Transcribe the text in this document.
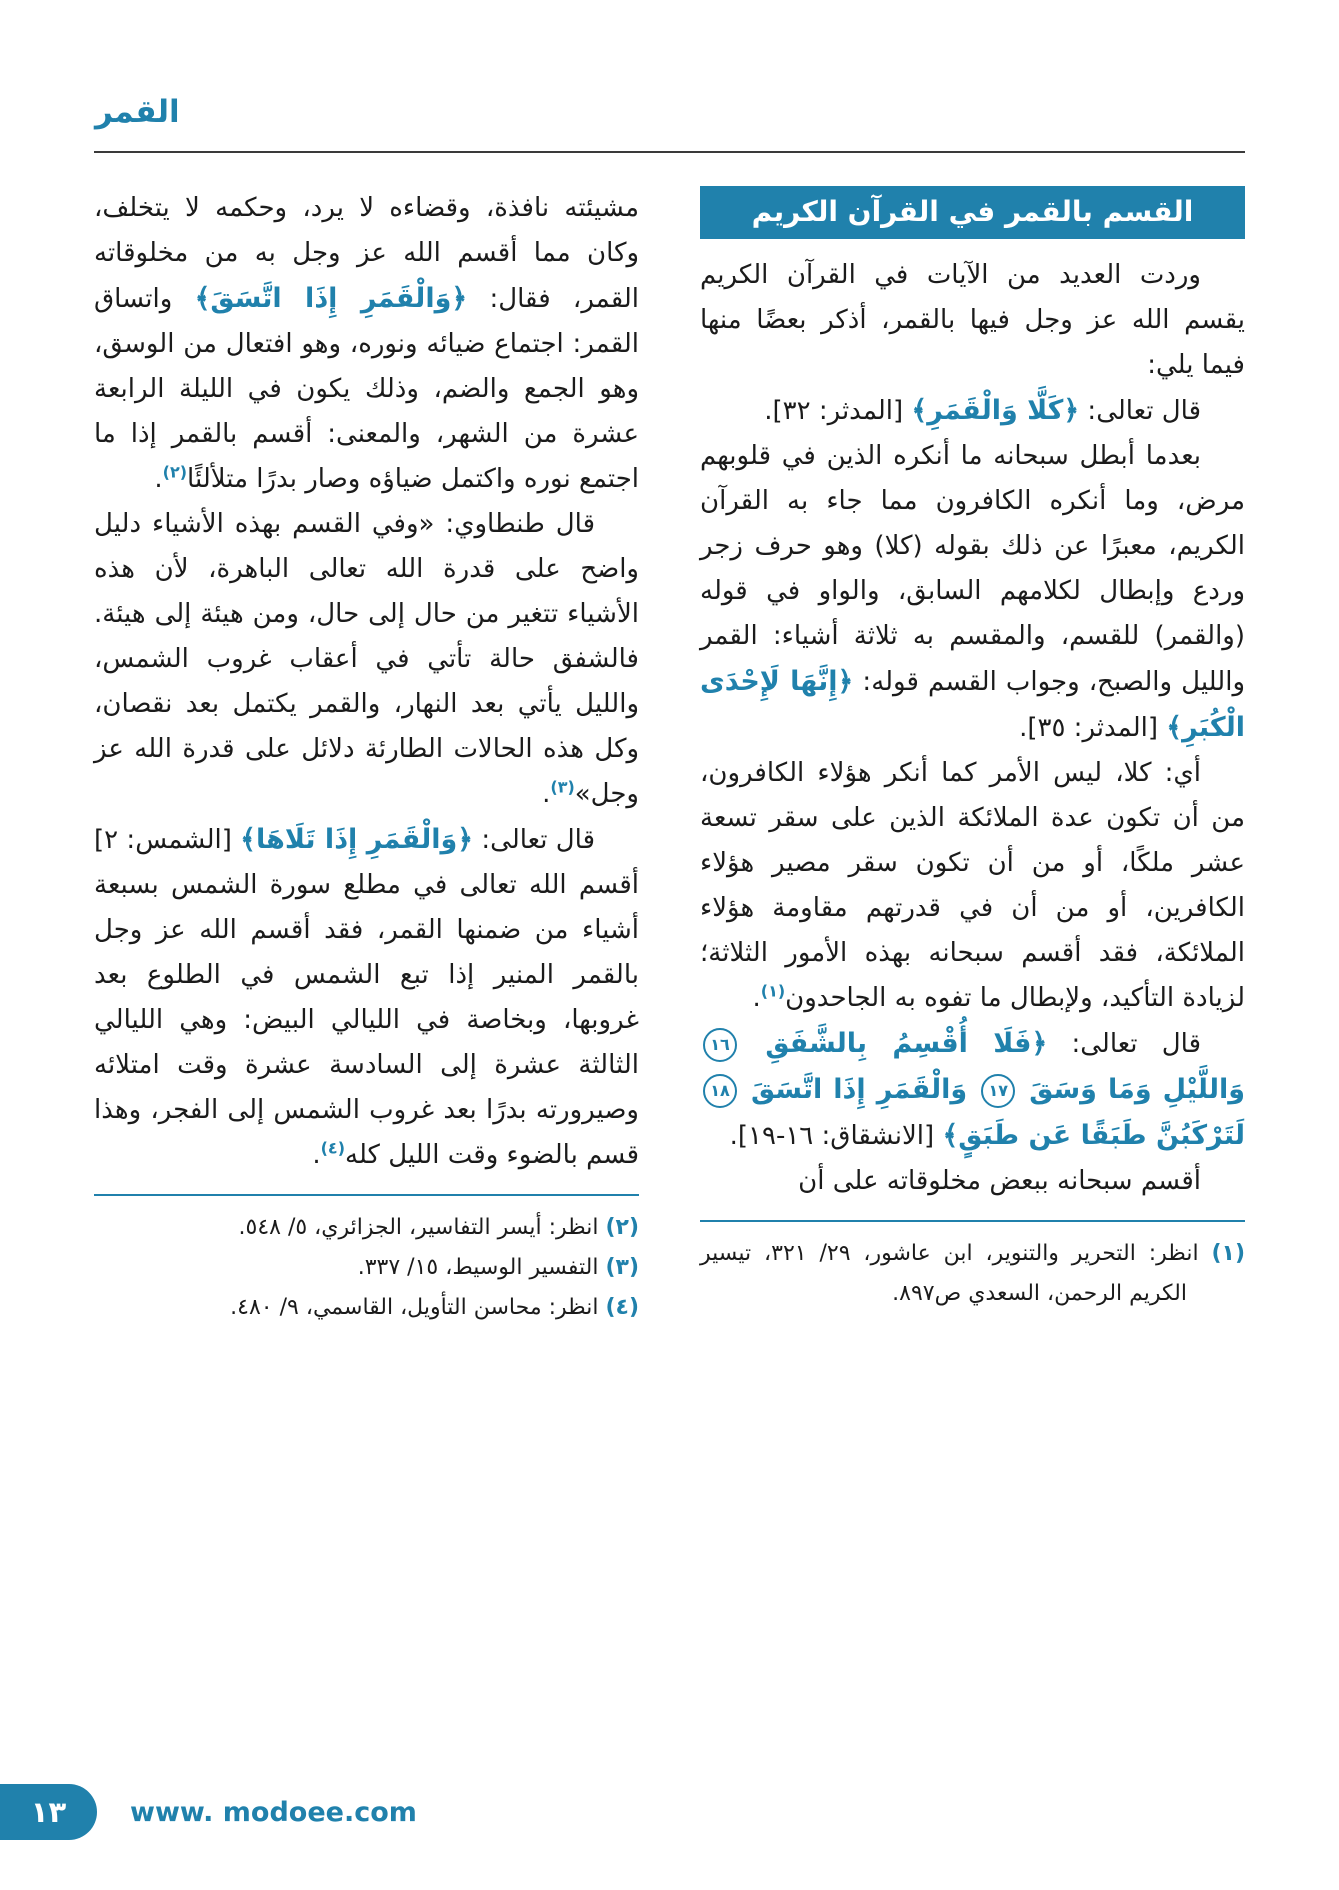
القمر
القسم بالقمر في القرآن الكريم

وردت العديد من الآيات في القرآن الكريم يقسم الله عز وجل فيها بالقمر، أذكر بعضًا منها فيما يلي:

قال تعالى: ﴿كَلَّا وَالْقَمَرِ﴾ [المدثر: ٣٢].

بعدما أبطل سبحانه ما أنكره الذين في قلوبهم مرض، وما أنكره الكافرون مما جاء به القرآن الكريم، معبرًا عن ذلك بقوله (كلا) وهو حرف زجر وردع وإبطال لكلامهم السابق، والواو في قوله (والقمر) للقسم، والمقسم به ثلاثة أشياء: القمر والليل والصبح، وجواب القسم قوله: ﴿إِنَّهَا لَإِحْدَى الْكُبَرِ﴾ [المدثر: ٣٥].

أي: كلا، ليس الأمر كما أنكر هؤلاء الكافرون، من أن تكون عدة الملائكة الذين على سقر تسعة عشر ملكًا، أو من أن تكون سقر مصير هؤلاء الكافرين، أو من أن في قدرتهم مقاومة هؤلاء الملائكة، فقد أقسم سبحانه بهذه الأمور الثلاثة؛ لزيادة التأكيد، ولإبطال ما تفوه به الجاحدون$^{(١)}$.

قال تعالى: ﴿فَلَا أُقْسِمُ بِالشَّفَقِ ١٦ وَاللَّيْلِ وَمَا وَسَقَ ١٧ وَالْقَمَرِ إِذَا اتَّسَقَ ١٨ لَتَرْكَبُنَّ طَبَقًا عَن طَبَقٍ﴾ [الانشقاق: ١٦-١٩].

أقسم سبحانه ببعض مخلوقاته على أن

(١) انظر: التحرير والتنوير، ابن عاشور، ٢٩/ ٣٢١، تيسير الكريم الرحمن، السعدي ص٨٩٧.

مشيئته نافذة، وقضاءه لا يرد، وحكمه لا يتخلف، وكان مما أقسم الله عز وجل به من مخلوقاته القمر، فقال: ﴿وَالْقَمَرِ إِذَا اتَّسَقَ﴾ واتساق القمر: اجتماع ضيائه ونوره، وهو افتعال من الوسق، وهو الجمع والضم، وذلك يكون في الليلة الرابعة عشرة من الشهر، والمعنى: أقسم بالقمر إذا ما اجتمع نوره واكتمل ضياؤه وصار بدرًا متلألئًا$^{(٢)}$.

قال طنطاوي: «وفي القسم بهذه الأشياء دليل واضح على قدرة الله تعالى الباهرة، لأن هذه الأشياء تتغير من حال إلى حال، ومن هيئة إلى هيئة. فالشفق حالة تأتي في أعقاب غروب الشمس، والليل يأتي بعد النهار، والقمر يكتمل بعد نقصان، وكل هذه الحالات الطارئة دلائل على قدرة الله عز وجل»$^{(٣)}$.

قال تعالى: ﴿وَالْقَمَرِ إِذَا تَلَاهَا﴾ [الشمس: ٢] أقسم الله تعالى في مطلع سورة الشمس بسبعة أشياء من ضمنها القمر، فقد أقسم الله عز وجل بالقمر المنير إذا تبع الشمس في الطلوع بعد غروبها، وبخاصة في الليالي البيض: وهي الليالي الثالثة عشرة إلى السادسة عشرة وقت امتلائه وصيرورته بدرًا بعد غروب الشمس إلى الفجر، وهذا قسم بالضوء وقت الليل كله$^{(٤)}$.

(٢) انظر: أيسر التفاسير، الجزائري، ٥/ ٥٤٨.
(٣) التفسير الوسيط، ١٥/ ٣٣٧.
(٤) انظر: محاسن التأويل، القاسمي، ٩/ ٤٨٠.
١٣	www. modoee.com
